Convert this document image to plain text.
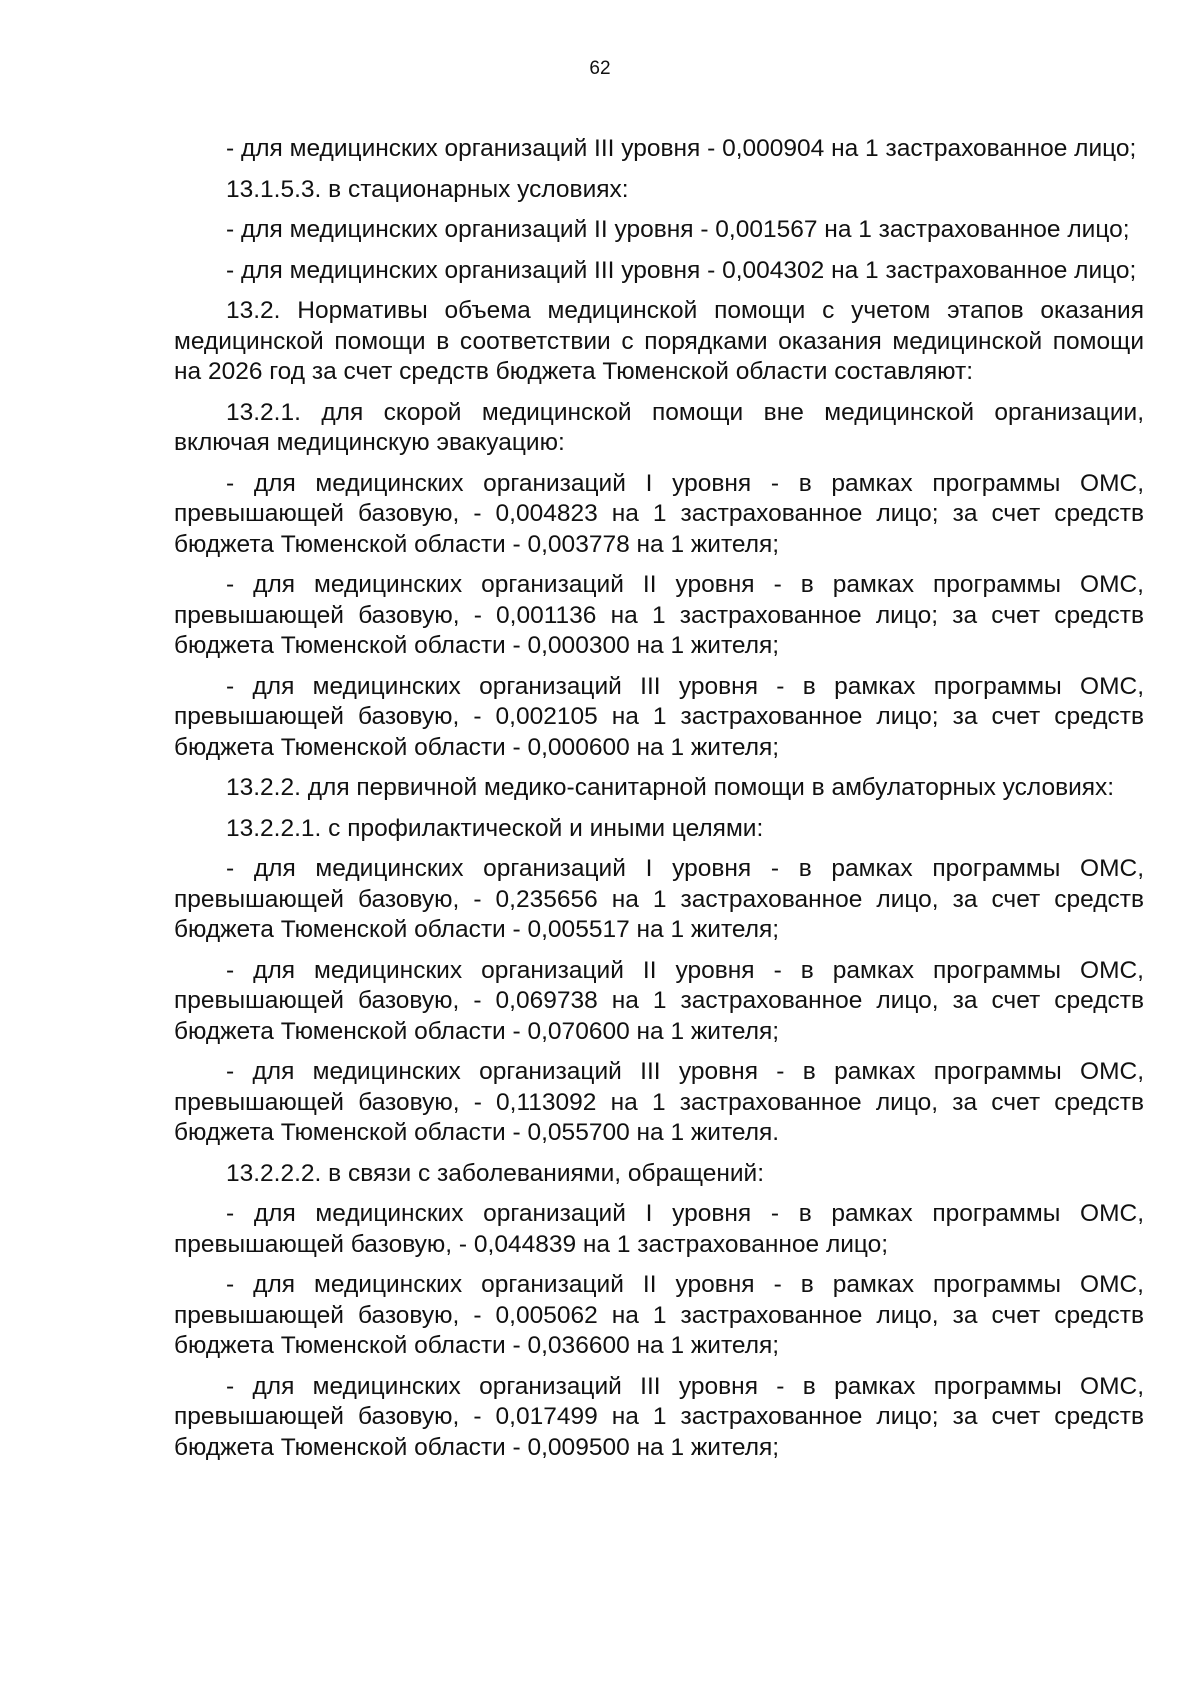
62

- для медицинских организаций III уровня - 0,000904 на 1 застрахованное лицо;

13.1.5.3. в стационарных условиях:

- для медицинских организаций II уровня - 0,001567 на 1 застрахованное лицо;

- для медицинских организаций III уровня - 0,004302 на 1 застрахованное лицо;

13.2. Нормативы объема медицинской помощи с учетом этапов оказания медицинской помощи в соответствии с порядками оказания медицинской помощи на 2026 год за счет средств бюджета Тюменской области составляют:

13.2.1. для скорой медицинской помощи вне медицинской организации, включая медицинскую эвакуацию:

- для медицинских организаций I уровня - в рамках программы ОМС, превышающей базовую, - 0,004823 на 1 застрахованное лицо; за счет средств бюджета Тюменской области - 0,003778 на 1 жителя;

- для медицинских организаций II уровня - в рамках программы ОМС, превышающей базовую, - 0,001136 на 1 застрахованное лицо; за счет средств бюджета Тюменской области - 0,000300 на 1 жителя;

- для медицинских организаций III уровня - в рамках программы ОМС, превышающей базовую, - 0,002105 на 1 застрахованное лицо; за счет средств бюджета Тюменской области - 0,000600 на 1 жителя;

13.2.2. для первичной медико-санитарной помощи в амбулаторных условиях:

13.2.2.1. с профилактической и иными целями:

- для медицинских организаций I уровня - в рамках программы ОМС, превышающей базовую, - 0,235656 на 1 застрахованное лицо, за счет средств бюджета Тюменской области - 0,005517 на 1 жителя;

- для медицинских организаций II уровня - в рамках программы ОМС, превышающей базовую, - 0,069738 на 1 застрахованное лицо, за счет средств бюджета Тюменской области - 0,070600 на 1 жителя;

- для медицинских организаций III уровня - в рамках программы ОМС, превышающей базовую, - 0,113092 на 1 застрахованное лицо, за счет средств бюджета Тюменской области - 0,055700 на 1 жителя.

13.2.2.2. в связи с заболеваниями, обращений:

- для медицинских организаций I уровня - в рамках программы ОМС, превышающей базовую, - 0,044839 на 1 застрахованное лицо;

- для медицинских организаций II уровня - в рамках программы ОМС, превышающей базовую, - 0,005062 на 1 застрахованное лицо, за счет средств бюджета Тюменской области - 0,036600 на 1 жителя;

- для медицинских организаций III уровня - в рамках программы ОМС, превышающей базовую, - 0,017499 на 1 застрахованное лицо; за счет средств бюджета Тюменской области - 0,009500 на 1 жителя;
